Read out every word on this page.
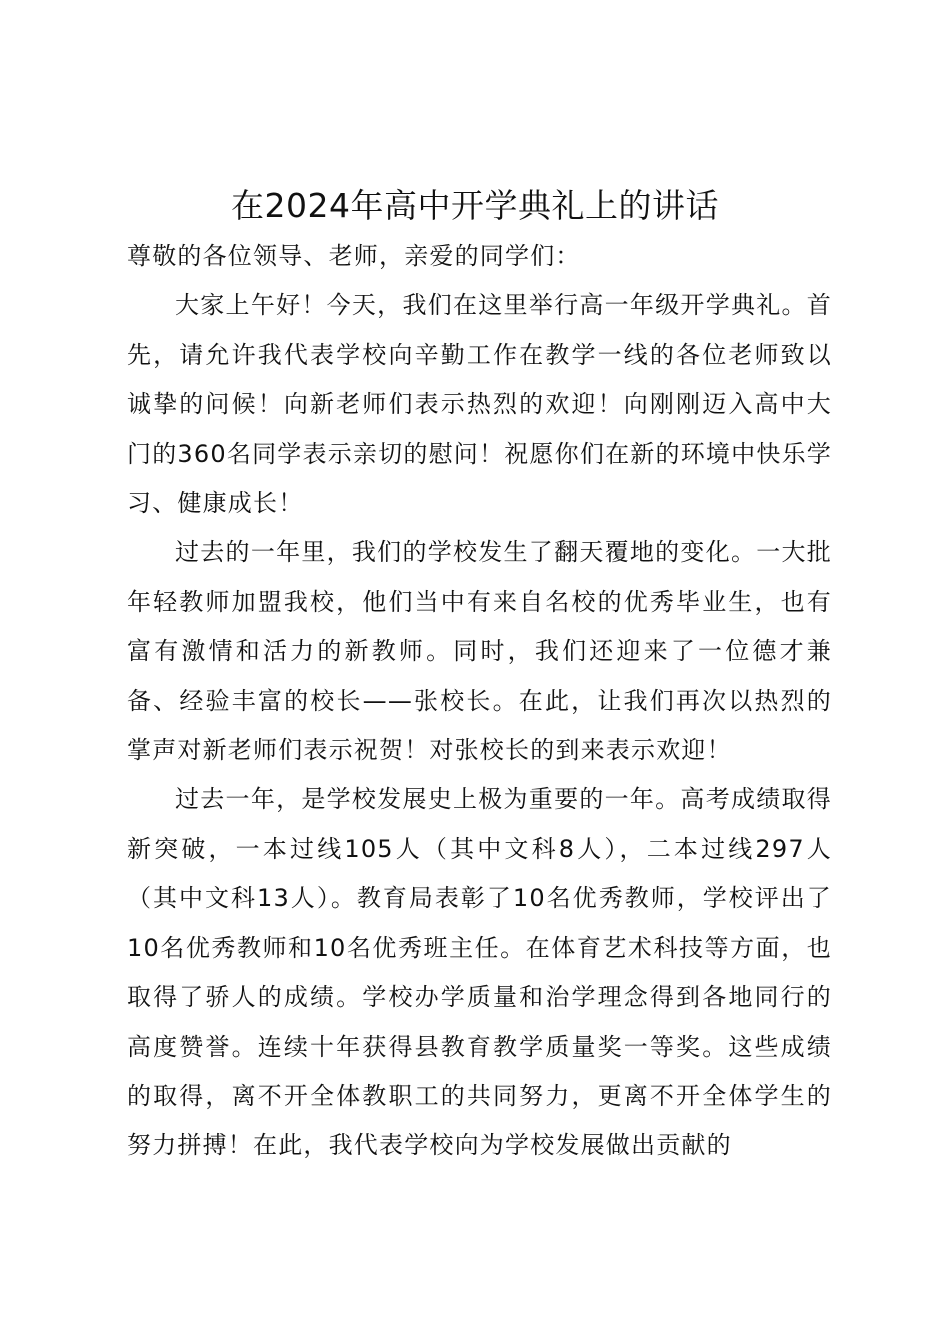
在2024年高中开学典礼上的讲话

尊敬的各位领导、老师，亲爱的同学们：

大家上午好！今天，我们在这里举行高一年级开学典礼。首先，请允许我代表学校向辛勤工作在教学一线的各位老师致以诚挚的问候！向新老师们表示热烈的欢迎！向刚刚迈入高中大门的360名同学表示亲切的慰问！祝愿你们在新的环境中快乐学习、健康成长！

过去的一年里，我们的学校发生了翻天覆地的变化。一大批年轻教师加盟我校，他们当中有来自名校的优秀毕业生，也有富有激情和活力的新教师。同时，我们还迎来了一位德才兼备、经验丰富的校长——张校长。在此，让我们再次以热烈的掌声对新老师们表示祝贺！对张校长的到来表示欢迎！

过去一年，是学校发展史上极为重要的一年。高考成绩取得新突破，一本过线105人（其中文科8人），二本过线297人（其中文科13人）。教育局表彰了10名优秀教师，学校评出了10名优秀教师和10名优秀班主任。在体育艺术科技等方面，也取得了骄人的成绩。学校办学质量和治学理念得到各地同行的高度赞誉。连续十年获得县教育教学质量奖一等奖。这些成绩的取得，离不开全体教职工的共同努力，更离不开全体学生的努力拼搏！在此，我代表学校向为学校发展做出贡献的
